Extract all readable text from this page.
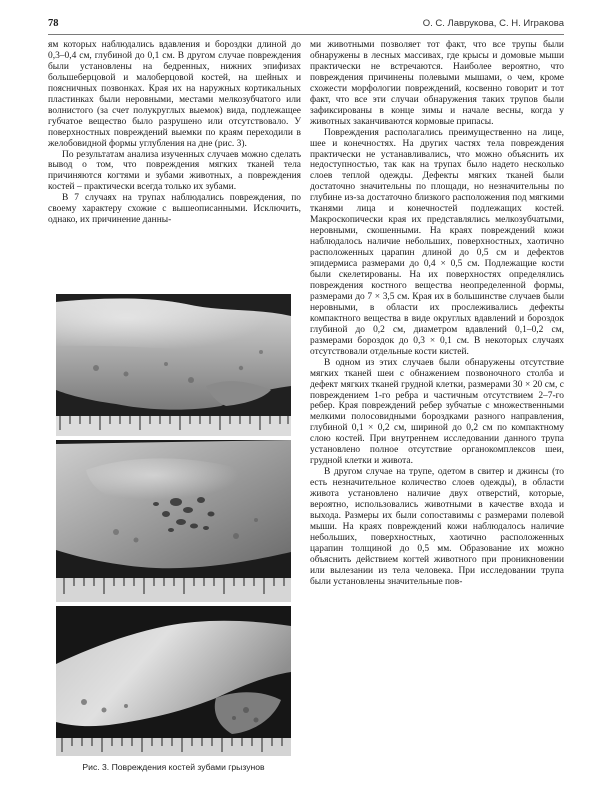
78	О. С. Лаврукова, С. Н. Игракова

ям которых наблюдались вдавления и бороздки длиной до 0,3–0,4 см, глубиной до 0,1 см. В другом случае повреждения были установлены на бедренных, нижних эпифизах большеберцовой и малоберцовой костей, на шейных и поясничных позвонках. Края их на наружных кортикальных пластинках были неровными, местами мелкозубчатого или волнистого (за счет полукруглых выемок) вида, подлежащее губчатое вещество было разрушено или отсутствовало. У поверхностных повреждений выемки по краям переходили в желобовидной формы углубления на дне (рис. 3).

По результатам анализа изученных случаев можно сделать вывод о том, что повреждения мягких тканей тела причиняются когтями и зубами животных, а повреждения костей – практически всегда только их зубами.

В 7 случаях на трупах наблюдались повреждения, по своему характеру схожие с вышеописанными. Исключить, однако, их причинение данны-

Рис. 3. Повреждения костей зубами грызунов

ми животными позволяет тот факт, что все трупы были обнаружены в лесных массивах, где крысы и домовые мыши практически не встречаются. Наиболее вероятно, что повреждения причинены полевыми мышами, о чем, кроме схожести морфологии повреждений, косвенно говорит и тот факт, что все эти случаи обнаружения таких трупов были зафиксированы в конце зимы и начале весны, когда у животных заканчиваются кормовые припасы.

Повреждения располагались преимущественно на лице, шее и конечностях. На других частях тела повреждения практически не устанавливались, что можно объяснить их недоступностью, так как на трупах было надето несколько слоев теплой одежды. Дефекты мягких тканей были достаточно значительны по площади, но незначительны по глубине из-за достаточно близкого расположения под мягкими тканями лица и конечностей подлежащих костей. Макроскопически края их представлялись мелкозубчатыми, неровными, скошенными. На краях повреждений кожи наблюдалось наличие небольших, поверхностных, хаотично расположенных царапин длиной до 0,5 см и дефектов эпидермиса размерами до 0,4 × 0,5 см. Подлежащие кости были скелетированы. На их поверхностях определялись повреждения костного вещества неопределенной формы, размерами до 7 × 3,5 см. Края их в большинстве случаев были неровными, в области их прослеживались дефекты компактного вещества в виде округлых вдавлений и бороздок глубиной до 0,2 см, диаметром вдавлений 0,1–0,2 см, размерами бороздок до 0,3 × 0,1 см. В некоторых случаях отсутствовали отдельные кости кистей.

В одном из этих случаев были обнаружены отсутствие мягких тканей шеи с обнажением позвоночного столба и дефект мягких тканей грудной клетки, размерами 30 × 20 см, с повреждением 1-го ребра и частичным отсутствием 2–7-го ребер. Края повреждений ребер зубчатые с множественными мелкими полосовидными бороздками разного направления, глубиной 0,1 × 0,2 см, шириной до 0,2 см по компактному слою костей. При внутреннем исследовании данного трупа установлено полное отсутствие органокомплексов шеи, грудной клетки и живота.

В другом случае на трупе, одетом в свитер и джинсы (то есть незначительное количество слоев одежды), в области живота установлено наличие двух отверстий, которые, вероятно, использовались животными в качестве входа и выхода. Размеры их были сопоставимы с размерами полевой мыши. На краях повреждений кожи наблюдалось наличие небольших, поверхностных, хаотично расположенных царапин толщиной до 0,5 мм. Образование их можно объяснить действием когтей животного при проникновении или вылезании из тела человека. При исследовании трупа были установлены значительные пов-
